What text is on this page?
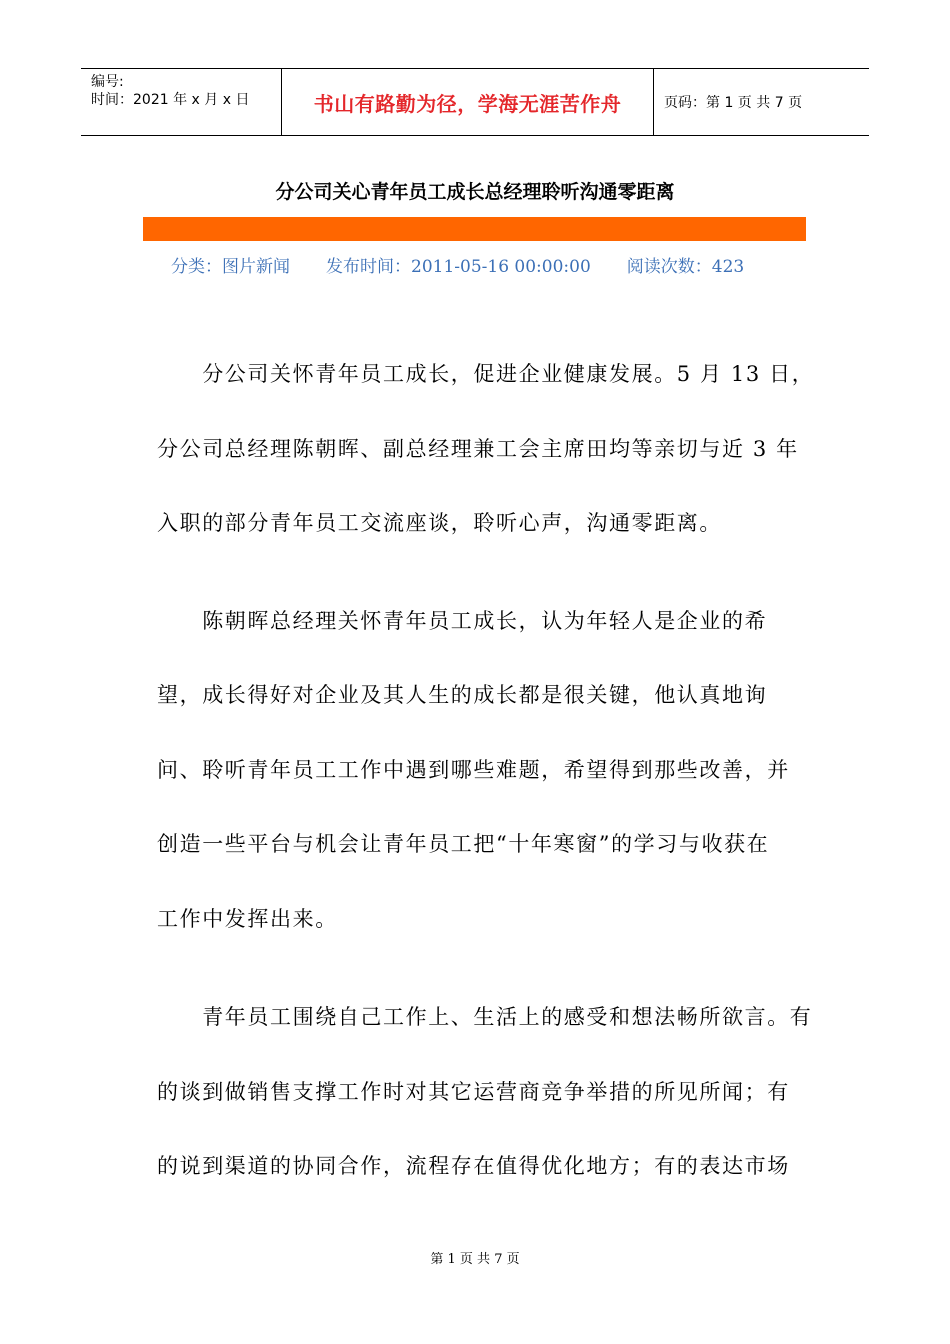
编号:
时间：2021 年 x 月 x 日	书山有路勤为径，学海无涯苦作舟	页码：第 1 页 共 7 页
分公司关心青年员工成长总经理聆听沟通零距离
分类：图片新闻 发布时间：2011-05-16 00:00:00 阅读次数：423
　　分公司关怀青年员工成长，促进企业健康发展。5 月 13 日，
分公司总经理陈朝晖、副总经理兼工会主席田均等亲切与近 3 年
入职的部分青年员工交流座谈，聆听心声，沟通零距离。
　　陈朝晖总经理关怀青年员工成长，认为年轻人是企业的希
望，成长得好对企业及其人生的成长都是很关键，他认真地询
问、聆听青年员工工作中遇到哪些难题，希望得到那些改善，并
创造一些平台与机会让青年员工把“十年寒窗”的学习与收获在
工作中发挥出来。
　　青年员工围绕自己工作上、生活上的感受和想法畅所欲言。有
的谈到做销售支撑工作时对其它运营商竞争举措的所见所闻；有
的说到渠道的协同合作，流程存在值得优化地方；有的表达市场
第 1 页 共 7 页
